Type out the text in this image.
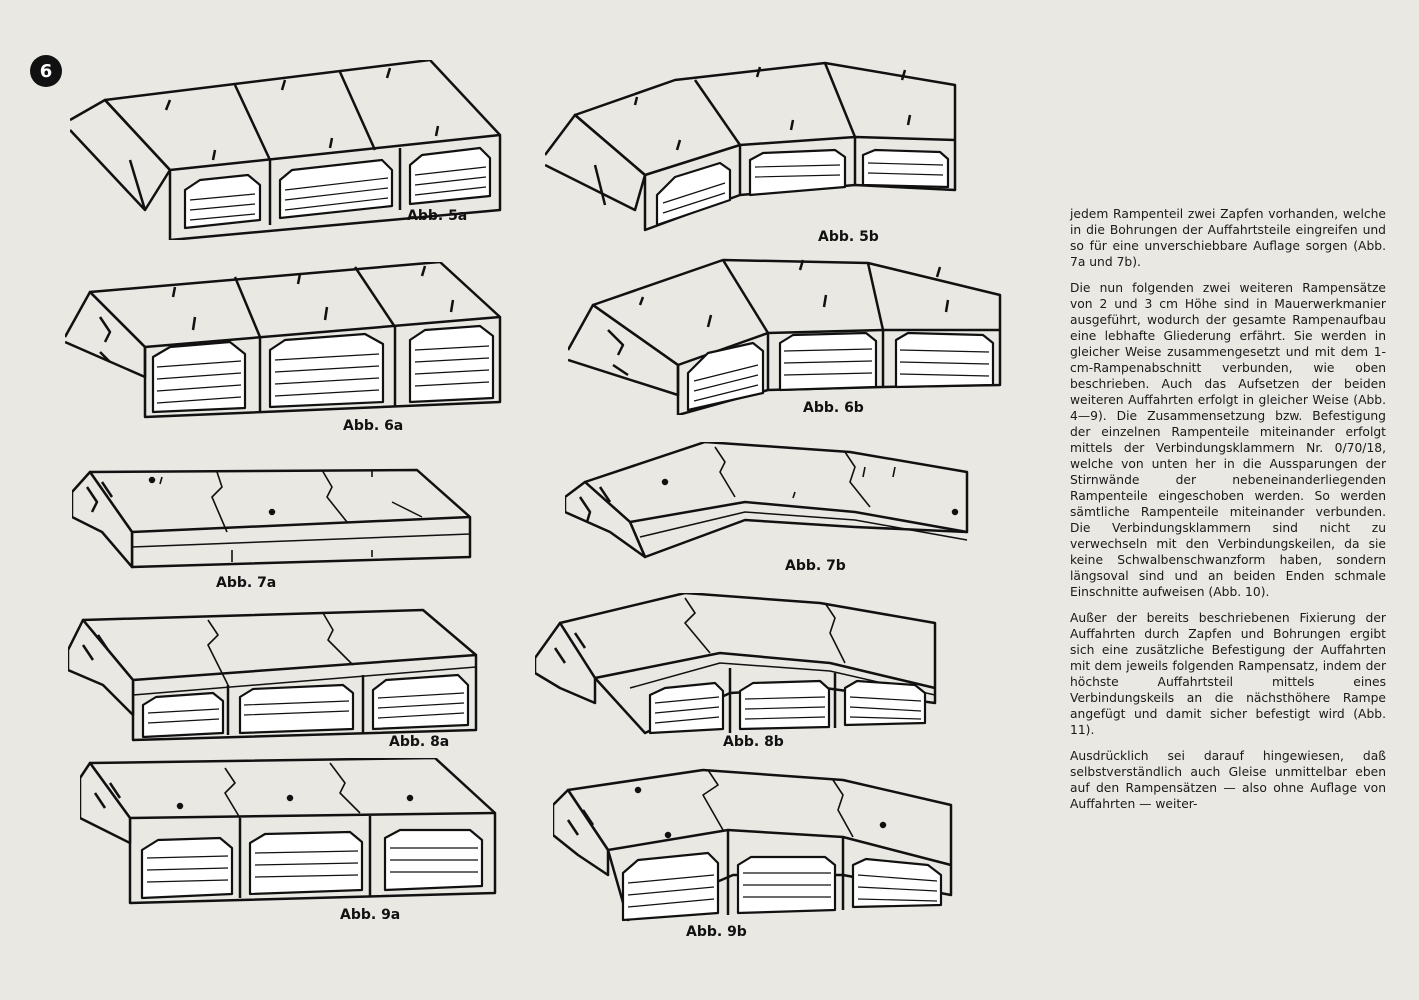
6
Abb. 5a
Abb. 5b
Abb. 6a
Abb. 6b
Abb. 7a
Abb. 7b
Abb. 8a	Abb. 8b
Abb. 9a
Abb. 9b

jedem Rampenteil zwei Zapfen vorhanden, welche in die Bohrungen der Auffahrtsteile eingreifen und so für eine unverschiebbare Auflage sorgen (Abb. 7a und 7b).

Die nun folgenden zwei weiteren Rampensätze von 2 und 3 cm Höhe sind in Mauerwerkmanier ausgeführt, wodurch der gesamte Rampenaufbau eine lebhafte Gliederung erfährt. Sie werden in gleicher Weise zusammengesetzt und mit dem 1-cm-Rampenabschnitt verbunden, wie oben beschrieben. Auch das Aufsetzen der beiden weiteren Auffahrten erfolgt in gleicher Weise (Abb. 4—9). Die Zusammensetzung bzw. Befestigung der einzelnen Rampenteile miteinander erfolgt mittels der Verbindungsklammern Nr. 0/70/18, welche von unten her in die Aussparungen der Stirnwände der nebeneinanderliegenden Rampenteile eingeschoben werden. So werden sämtliche Rampenteile miteinander verbunden. Die Verbindungsklammern sind nicht zu verwechseln mit den Verbindungskeilen, da sie keine Schwalbenschwanzform haben, sondern längsoval sind und an beiden Enden schmale Einschnitte aufweisen (Abb. 10).

Außer der bereits beschriebenen Fixierung der Auffahrten durch Zapfen und Bohrungen ergibt sich eine zusätzliche Befestigung der Auffahrten mit dem jeweils folgenden Rampensatz, indem der höchste Auffahrtsteil mittels eines Verbindungskeils an die nächsthöhere Rampe angefügt und damit sicher befestigt wird (Abb. 11).

Ausdrücklich sei darauf hingewiesen, daß selbstverständlich auch Gleise unmittelbar eben auf den Rampensätzen — also ohne Auflage von Auffahrten — weiter-
